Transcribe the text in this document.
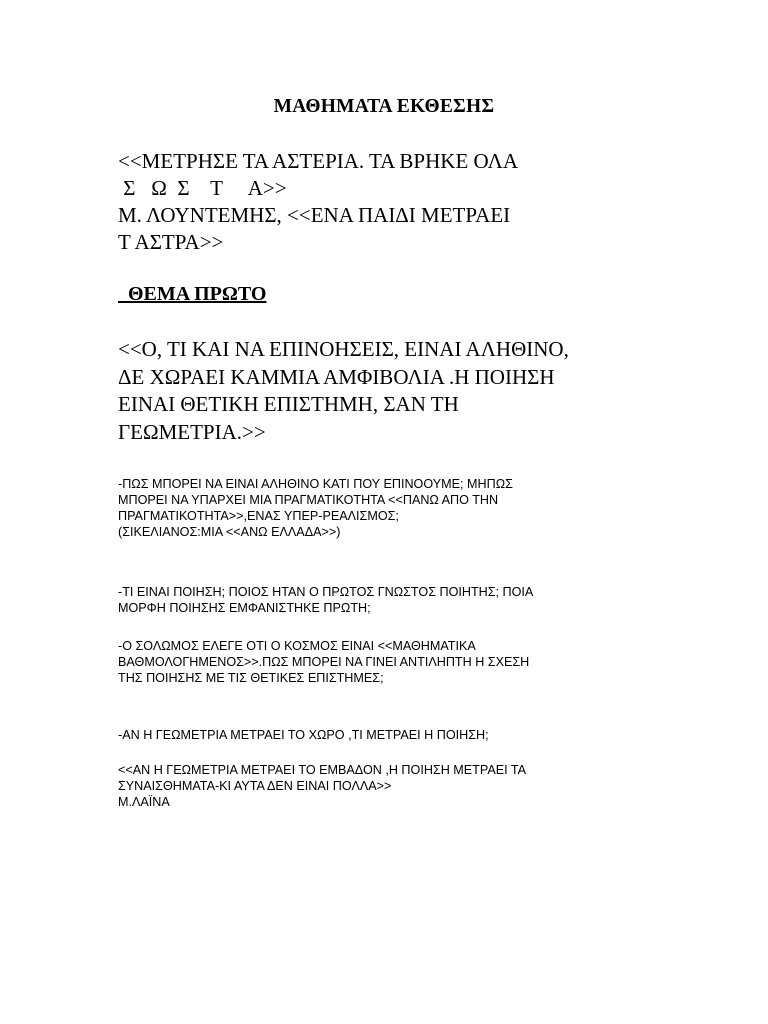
ΜΑΘΗΜΑΤΑ ΕΚΘΕΣΗΣ
<<ΜΕΤΡΗΣΕ ΤΑ ΑΣΤΕΡΙΑ. ΤΑ ΒΡΗΚΕ ΟΛΑ
Σ   Ω  Σ    Τ     Α>>
Μ. ΛΟΥΝΤΕΜΗΣ, <<ΕΝΑ ΠΑΙΔΙ ΜΕΤΡΑΕΙ
Τ ΑΣΤΡΑ>>
ΘΕΜΑ ΠΡΩΤΟ
<<Ο, ΤΙ ΚΑΙ ΝΑ ΕΠΙΝΟΗΣΕΙΣ, ΕΙΝΑΙ ΑΛΗΘΙΝΟ,
ΔΕ ΧΩΡΑΕΙ ΚΑΜΜΙΑ ΑΜΦΙΒΟΛΙΑ .Η ΠΟΙΗΣΗ
ΕΙΝΑΙ ΘΕΤΙΚΗ ΕΠΙΣΤΗΜΗ, ΣΑΝ ΤΗ
ΓΕΩΜΕΤΡΙΑ.>>
-ΠΩΣ ΜΠΟΡΕΙ ΝΑ ΕΙΝΑΙ ΑΛΗΘΙΝΟ ΚΑΤΙ ΠΟΥ ΕΠΙΝΟΟΥΜΕ; ΜΗΠΩΣ
ΜΠΟΡΕΙ ΝΑ ΥΠΑΡΧΕΙ ΜΙΑ ΠΡΑΓΜΑΤΙΚΟΤΗΤΑ <<ΠΑΝΩ ΑΠΟ ΤΗΝ
ΠΡΑΓΜΑΤΙΚΟΤΗΤΑ>>,ΕΝΑΣ ΥΠΕΡ-ΡΕΑΛΙΣΜΟΣ;
(ΣΙΚΕΛΙΑΝΟΣ:ΜΙΑ <<ΑΝΩ ΕΛΛΑΔΑ>>)
-ΤΙ ΕΙΝΑΙ ΠΟΙΗΣΗ; ΠΟΙΟΣ ΗΤΑΝ Ο ΠΡΩΤΟΣ ΓΝΩΣΤΟΣ ΠΟΙΗΤΗΣ; ΠΟΙΑ
ΜΟΡΦΗ ΠΟΙΗΣΗΣ ΕΜΦΑΝΙΣΤΗΚΕ ΠΡΩΤΗ;
-Ο ΣΟΛΩΜΟΣ ΕΛΕΓΕ ΟΤΙ Ο ΚΟΣΜΟΣ ΕΙΝΑΙ <<ΜΑΘΗΜΑΤΙΚΑ
ΒΑΘΜΟΛΟΓΗΜΕΝΟΣ>>.ΠΩΣ ΜΠΟΡΕΙ ΝΑ ΓΙΝΕΙ ΑΝΤΙΛΗΠΤΗ Η ΣΧΕΣΗ
ΤΗΣ ΠΟΙΗΣΗΣ ΜΕ ΤΙΣ ΘΕΤΙΚΕΣ ΕΠΙΣΤΗΜΕΣ;
-ΑΝ Η ΓΕΩΜΕΤΡΙΑ ΜΕΤΡΑΕΙ ΤΟ ΧΩΡΟ ,ΤΙ ΜΕΤΡΑΕΙ Η ΠΟΙΗΣΗ;
<<ΑΝ Η ΓΕΩΜΕΤΡΙΑ ΜΕΤΡΑΕΙ ΤΟ ΕΜΒΑΔΟΝ ,Η ΠΟΙΗΣΗ ΜΕΤΡΑΕΙ ΤΑ
ΣΥΝΑΙΣΘΗΜΑΤΑ-ΚΙ ΑΥΤΑ ΔΕΝ ΕΙΝΑΙ ΠΟΛΛΑ>>
Μ.ΛΑΪΝΑ
